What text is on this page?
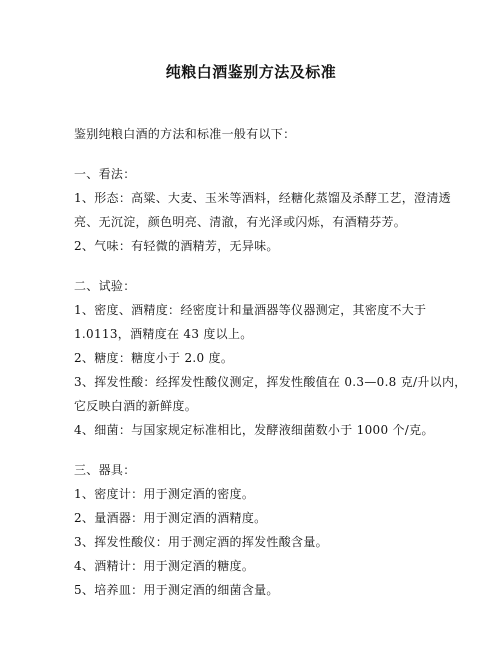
纯粮白酒鉴别方法及标准
鉴别纯粮白酒的方法和标准一般有以下：
一、看法：
1、形态：高粱、大麦、玉米等酒料，经糖化蒸馏及杀酵工艺，澄清透
亮、无沉淀，颜色明亮、清澈，有光泽或闪烁，有酒精芬芳。
2、气味：有轻微的酒精芳，无异味。
二、试验：
1、密度、酒精度：经密度计和量酒器等仪器测定，其密度不大于
1.0113，酒精度在 43 度以上。
2、糖度：糖度小于 2.0 度。
3、挥发性酸：经挥发性酸仪测定，挥发性酸值在 0.3—0.8 克/升以内，
它反映白酒的新鲜度。
4、细菌：与国家规定标准相比，发酵液细菌数小于 1000 个/克。
三、器具：
1、密度计：用于测定酒的密度。
2、量酒器：用于测定酒的酒精度。
3、挥发性酸仪：用于测定酒的挥发性酸含量。
4、酒精计：用于测定酒的糖度。
5、培养皿：用于测定酒的细菌含量。
